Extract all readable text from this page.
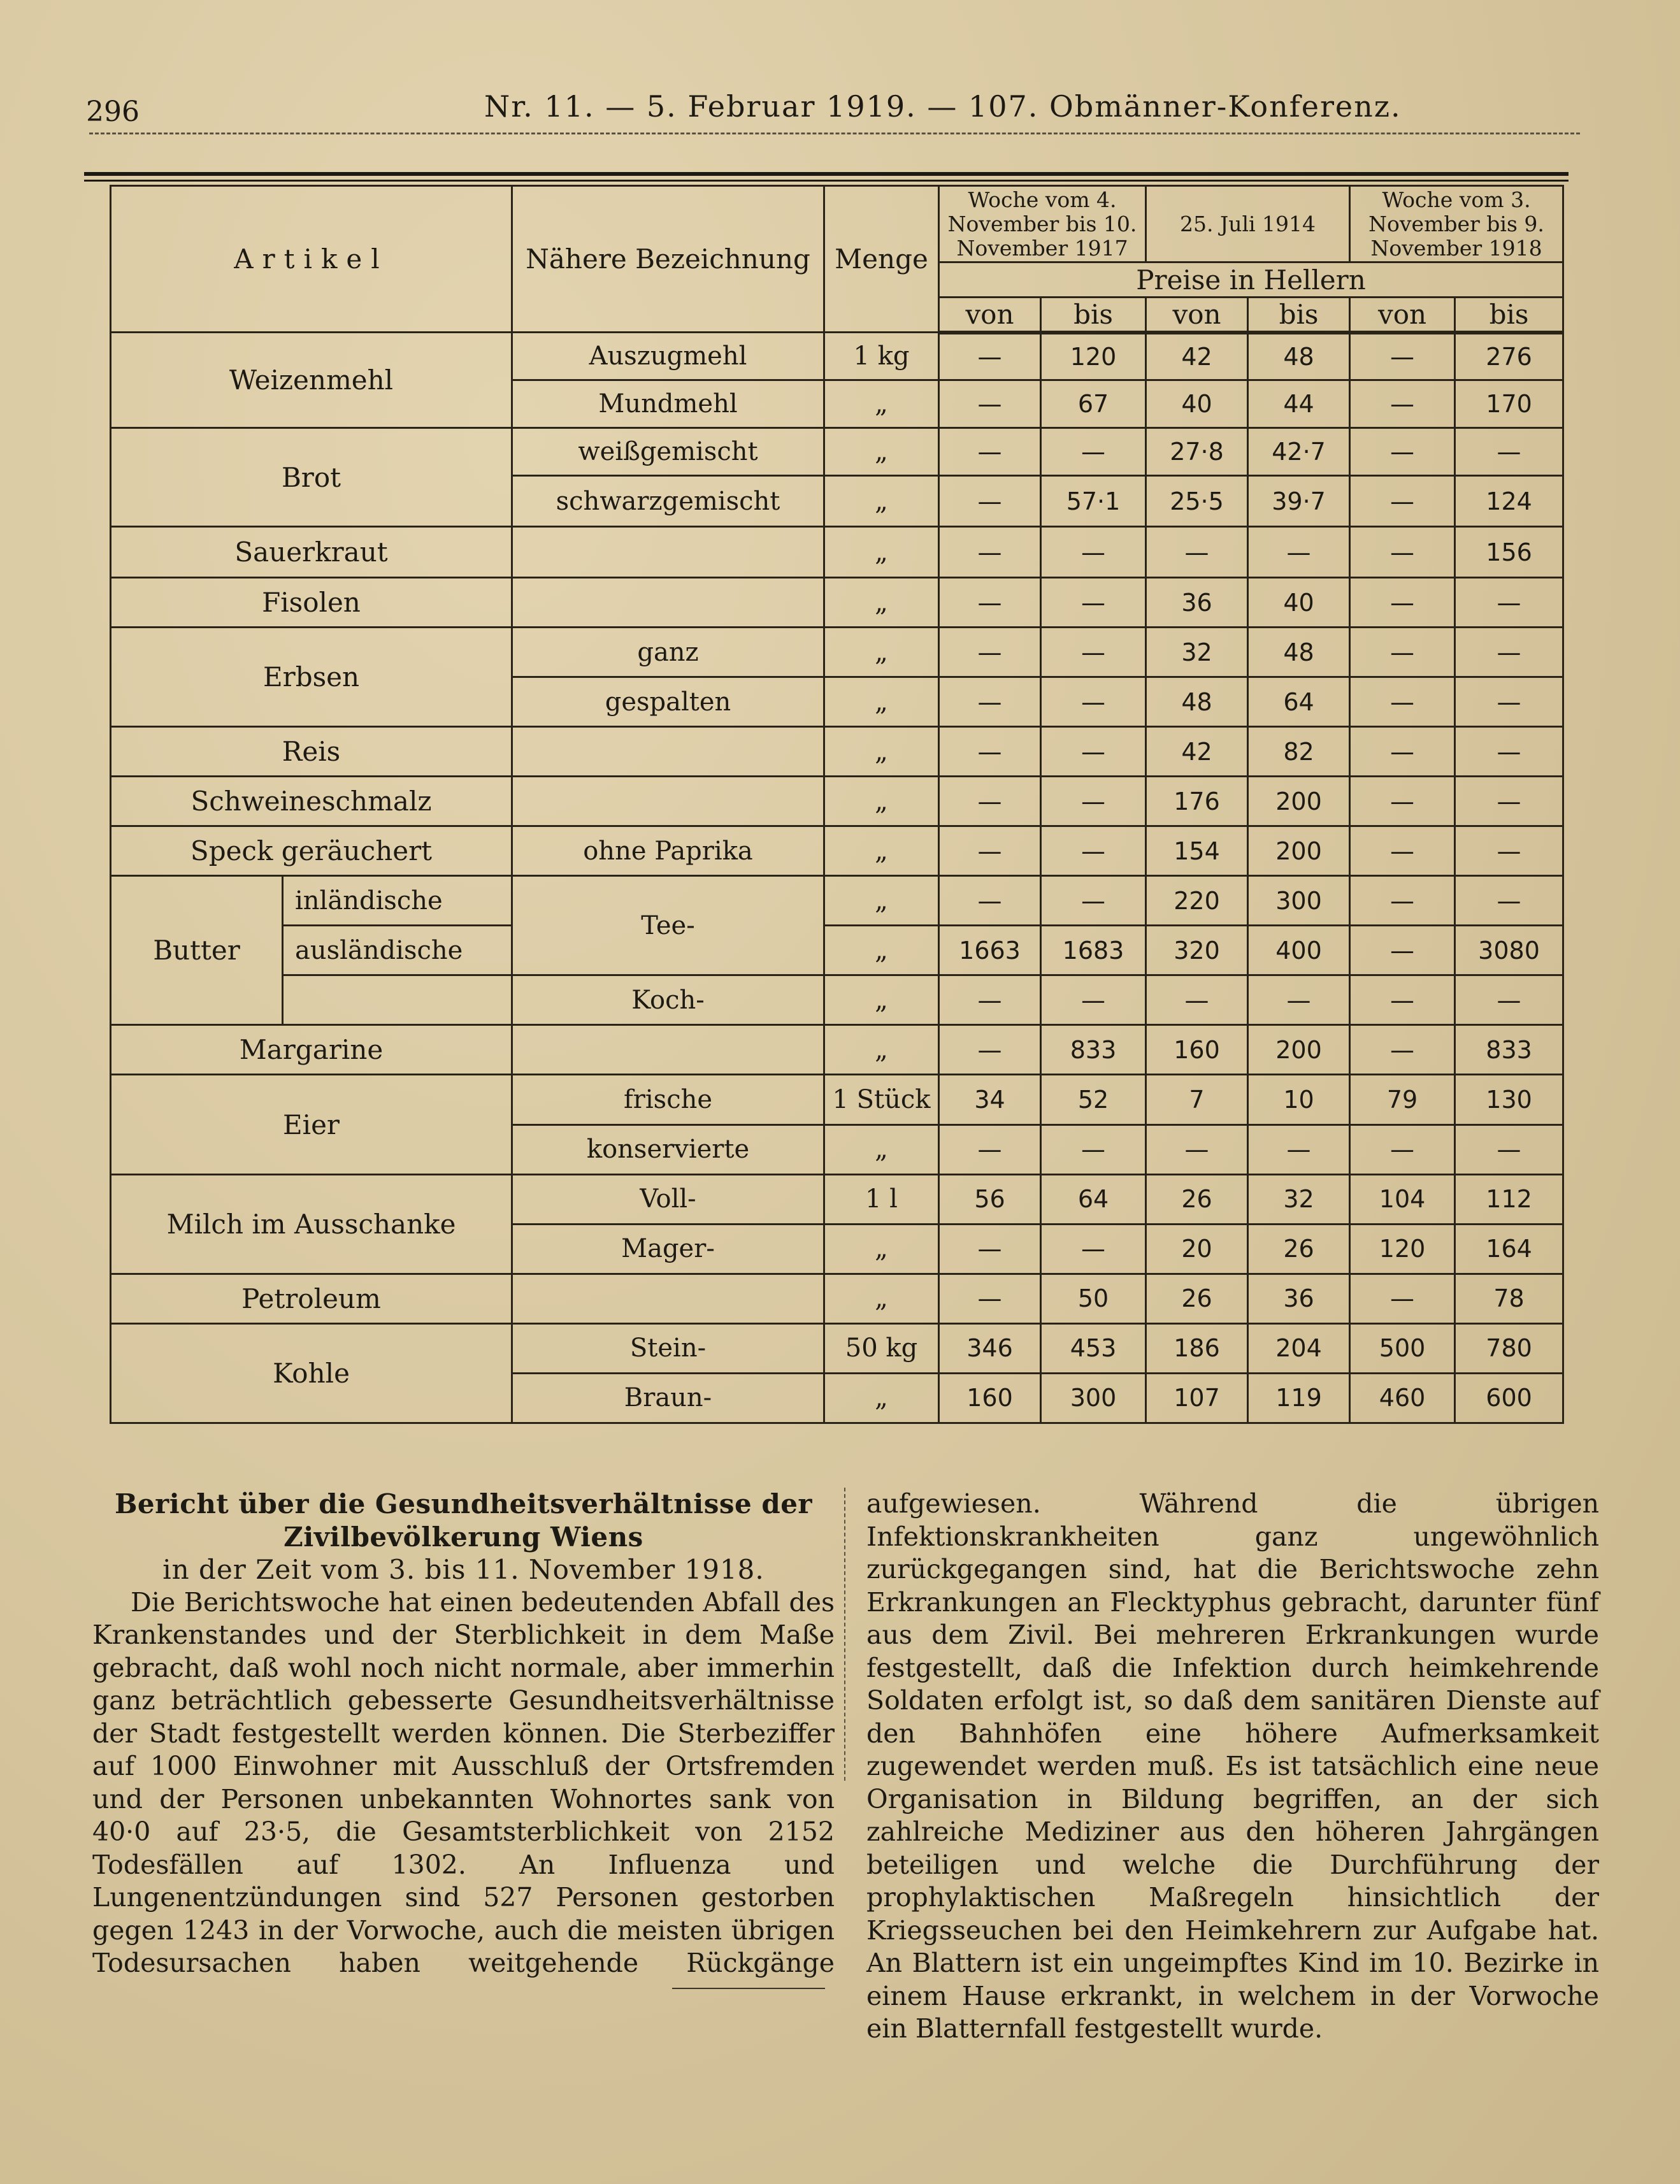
296	Nr. 11. — 5. Februar 1919. — 107. Obmänner-Konferenz.
Artikel		Nähere Bezeichnung	Menge	Woche vom 4. November bis 10. November 1917		25. Juli 1914		Woche vom 3. November bis 9. November 1918	
				Preise in Hellern					
				von	bis	von	bis	von	bis
Weizenmehl		Auszugmehl	1 kg	—	120	42	48	—	276
		Mundmehl	„	—	67	40	44	—	170
Brot		weißgemischt	„	—	—	27·8	42·7	—	—
		schwarzgemischt	„	—	57·1	25·5	39·7	—	124
Sauerkraut			„	—	—	—	—	—	156
Fisolen			„	—	—	36	40	—	—
Erbsen		ganz	„	—	—	32	48	—	—
		gespalten	„	—	—	48	64	—	—
Reis			„	—	—	42	82	—	—
Schweineschmalz			„	—	—	176	200	—	—
Speck geräuchert		ohne Paprika	„	—	—	154	200	—	—
Butter	inländische	Tee-	„	—	—	220	300	—	—
	ausländische		„	1663	1683	320	400	—	3080
		Koch-	„	—	—	—	—	—	—
Margarine			„	—	833	160	200	—	833
Eier		frische	1 Stück	34	52	7	10	79	130
		konservierte	„	—	—	—	—	—	—
Milch im Ausschanke		Voll-	1 l	56	64	26	32	104	112
		Mager-	„	—	—	20	26	120	164
Petroleum			„	—	50	26	36	—	78
Kohle		Stein-	50 kg	346	453	186	204	500	780
		Braun-	„	160	300	107	119	460	600

Bericht über die Gesundheitsverhältnisse der Zivilbevölkerung Wiens

in der Zeit vom 3. bis 11. November 1918.

Die Berichtswoche hat einen bedeutenden Abfall des Krankenstandes und der Sterblichkeit in dem Maße gebracht, daß wohl noch nicht normale, aber immerhin ganz beträchtlich gebesserte Gesundheitsverhältnisse der Stadt festgestellt werden können. Die Sterbeziffer auf 1000 Einwohner mit Ausschluß der Ortsfremden und der Personen unbekannten Wohnortes sank von 40·0 auf 23·5, die Gesamtsterblichkeit von 2152 Todesfällen auf 1302. An Influenza und Lungenentzündungen sind 527 Personen gestorben gegen 1243 in der Vorwoche, auch die meisten übrigen Todesursachen haben weitgehende Rückgänge

aufgewiesen. Während die übrigen Infektionskrankheiten ganz ungewöhnlich zurückgegangen sind, hat die Berichtswoche zehn Erkrankungen an Flecktyphus gebracht, darunter fünf aus dem Zivil. Bei mehreren Erkrankungen wurde festgestellt, daß die Infektion durch heimkehrende Soldaten erfolgt ist, so daß dem sanitären Dienste auf den Bahnhöfen eine höhere Aufmerksamkeit zugewendet werden muß. Es ist tatsächlich eine neue Organisation in Bildung begriffen, an der sich zahlreiche Mediziner aus den höheren Jahrgängen beteiligen und welche die Durchführung der prophylaktischen Maßregeln hinsichtlich der Kriegsseuchen bei den Heimkehrern zur Aufgabe hat. An Blattern ist ein ungeimpftes Kind im 10. Bezirke in einem Hause erkrankt, in welchem in der Vorwoche ein Blatternfall festgestellt wurde.
